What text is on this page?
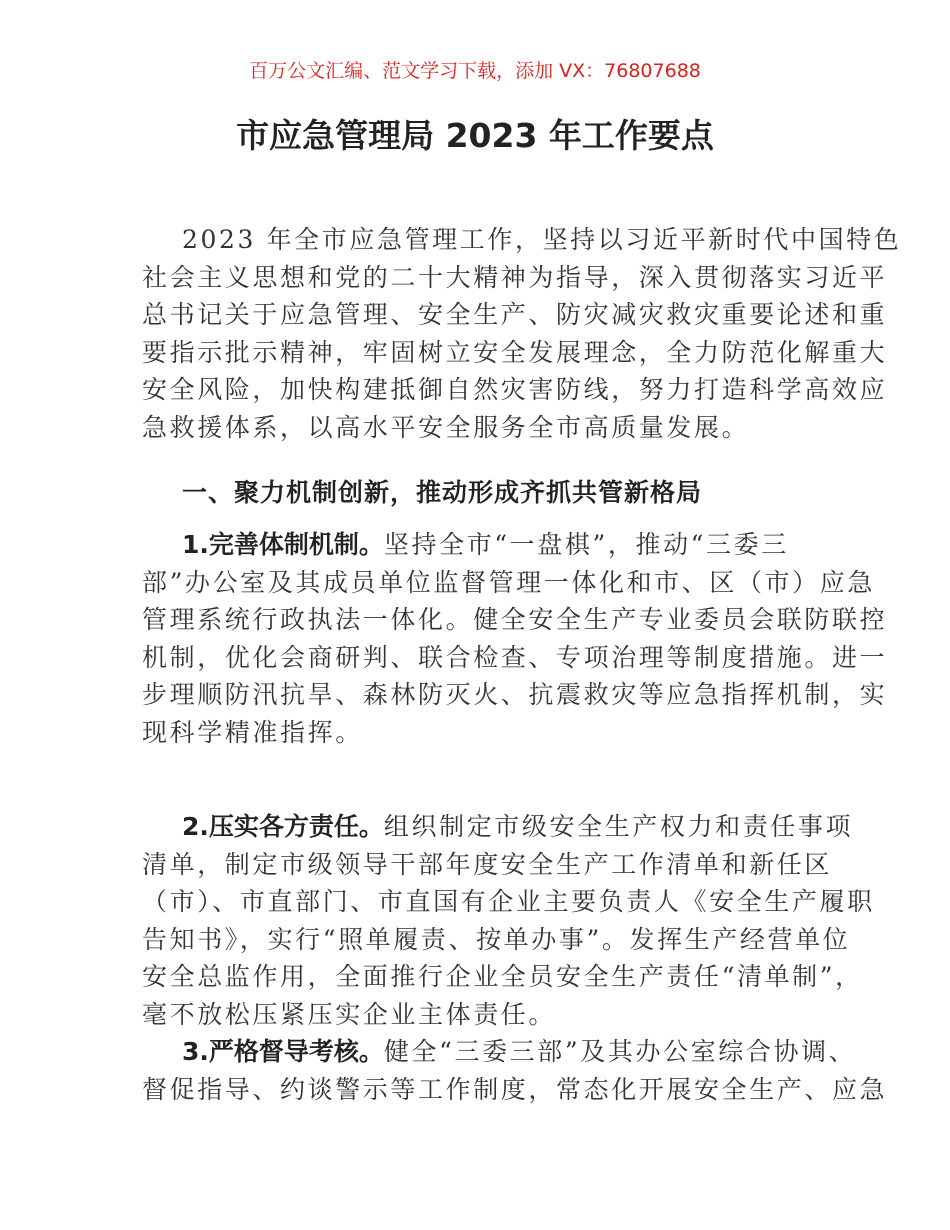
百万公文汇编、范文学习下载，添加 VX：76807688
市应急管理局 2023 年工作要点
2023 年全市应急管理工作，坚持以习近平新时代中国特色
社会主义思想和党的二十大精神为指导，深入贯彻落实习近平
总书记关于应急管理、安全生产、防灾减灾救灾重要论述和重
要指示批示精神，牢固树立安全发展理念，全力防范化解重大
安全风险，加快构建抵御自然灾害防线，努力打造科学高效应
急救援体系，以高水平安全服务全市高质量发展。
一、聚力机制创新，推动形成齐抓共管新格局
1.完善体制机制。坚持全市“一盘棋”，推动“三委三
部”办公室及其成员单位监督管理一体化和市、区（市）应急
管理系统行政执法一体化。健全安全生产专业委员会联防联控
机制，优化会商研判、联合检查、专项治理等制度措施。进一
步理顺防汛抗旱、森林防灭火、抗震救灾等应急指挥机制，实
现科学精准指挥。
2.压实各方责任。组织制定市级安全生产权力和责任事项
清单，制定市级领导干部年度安全生产工作清单和新任区
（市）、市直部门、市直国有企业主要负责人《安全生产履职
告知书》，实行“照单履责、按单办事”。发挥生产经营单位
安全总监作用，全面推行企业全员安全生产责任“清单制”，
毫不放松压紧压实企业主体责任。
3.严格督导考核。健全“三委三部”及其办公室综合协调、
督促指导、约谈警示等工作制度，常态化开展安全生产、应急
